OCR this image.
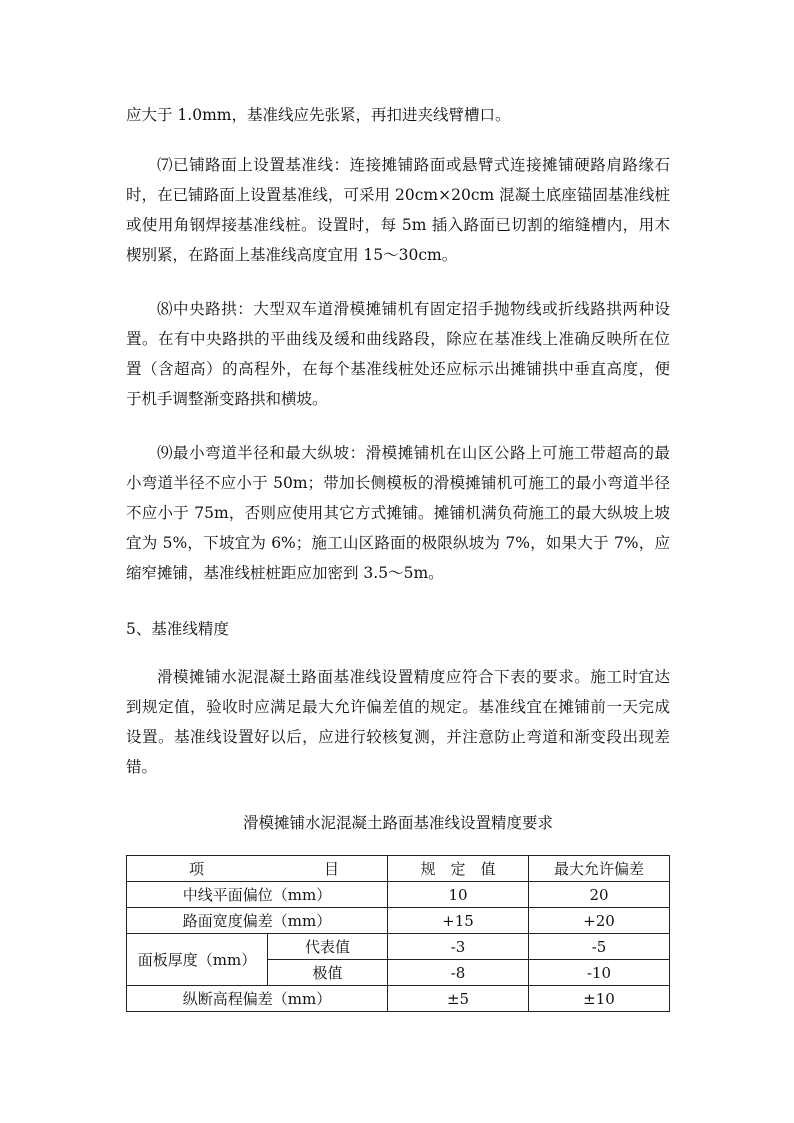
应大于 1.0mm，基准线应先张紧，再扣进夹线臂槽口。
⑺已铺路面上设置基准线：连接摊铺路面或悬臂式连接摊铺硬路肩路缘石
时，在已铺路面上设置基准线，可采用 20cm×20cm 混凝土底座锚固基准线桩
或使用角钢焊接基准线桩。设置时，每 5m 插入路面已切割的缩缝槽内，用木
楔别紧，在路面上基准线高度宜用 15～30cm。
⑻中央路拱：大型双车道滑模摊铺机有固定招手抛物线或折线路拱两种设
置。在有中央路拱的平曲线及缓和曲线路段，除应在基准线上准确反映所在位
置（含超高）的高程外，在每个基准线桩处还应标示出摊铺拱中垂直高度，便
于机手调整渐变路拱和横坡。
⑼最小弯道半径和最大纵坡：滑模摊铺机在山区公路上可施工带超高的最
小弯道半径不应小于 50m；带加长侧模板的滑模摊铺机可施工的最小弯道半径
不应小于 75m，否则应使用其它方式摊铺。摊铺机满负荷施工的最大纵坡上坡
宜为 5%，下坡宜为 6%；施工山区路面的极限纵坡为 7%，如果大于 7%，应
缩窄摊铺，基准线桩桩距应加密到 3.5～5m。
5、基准线精度
滑模摊铺水泥混凝土路面基准线设置精度应符合下表的要求。施工时宜达
到规定值，验收时应满足最大允许偏差值的规定。基准线宜在摊铺前一天完成
设置。基准线设置好以后，应进行较核复测，并注意防止弯道和渐变段出现差
错。
滑模摊铺水泥混凝土路面基准线设置精度要求
项 目		规　定　值	最大允许偏差
中线平面偏位（mm）		10	20
路面宽度偏差（mm）		+15	+20
面板厚度（mm）	代表值	-3	-5
	极值	-8	-10
纵断高程偏差（mm）		±5	±10
